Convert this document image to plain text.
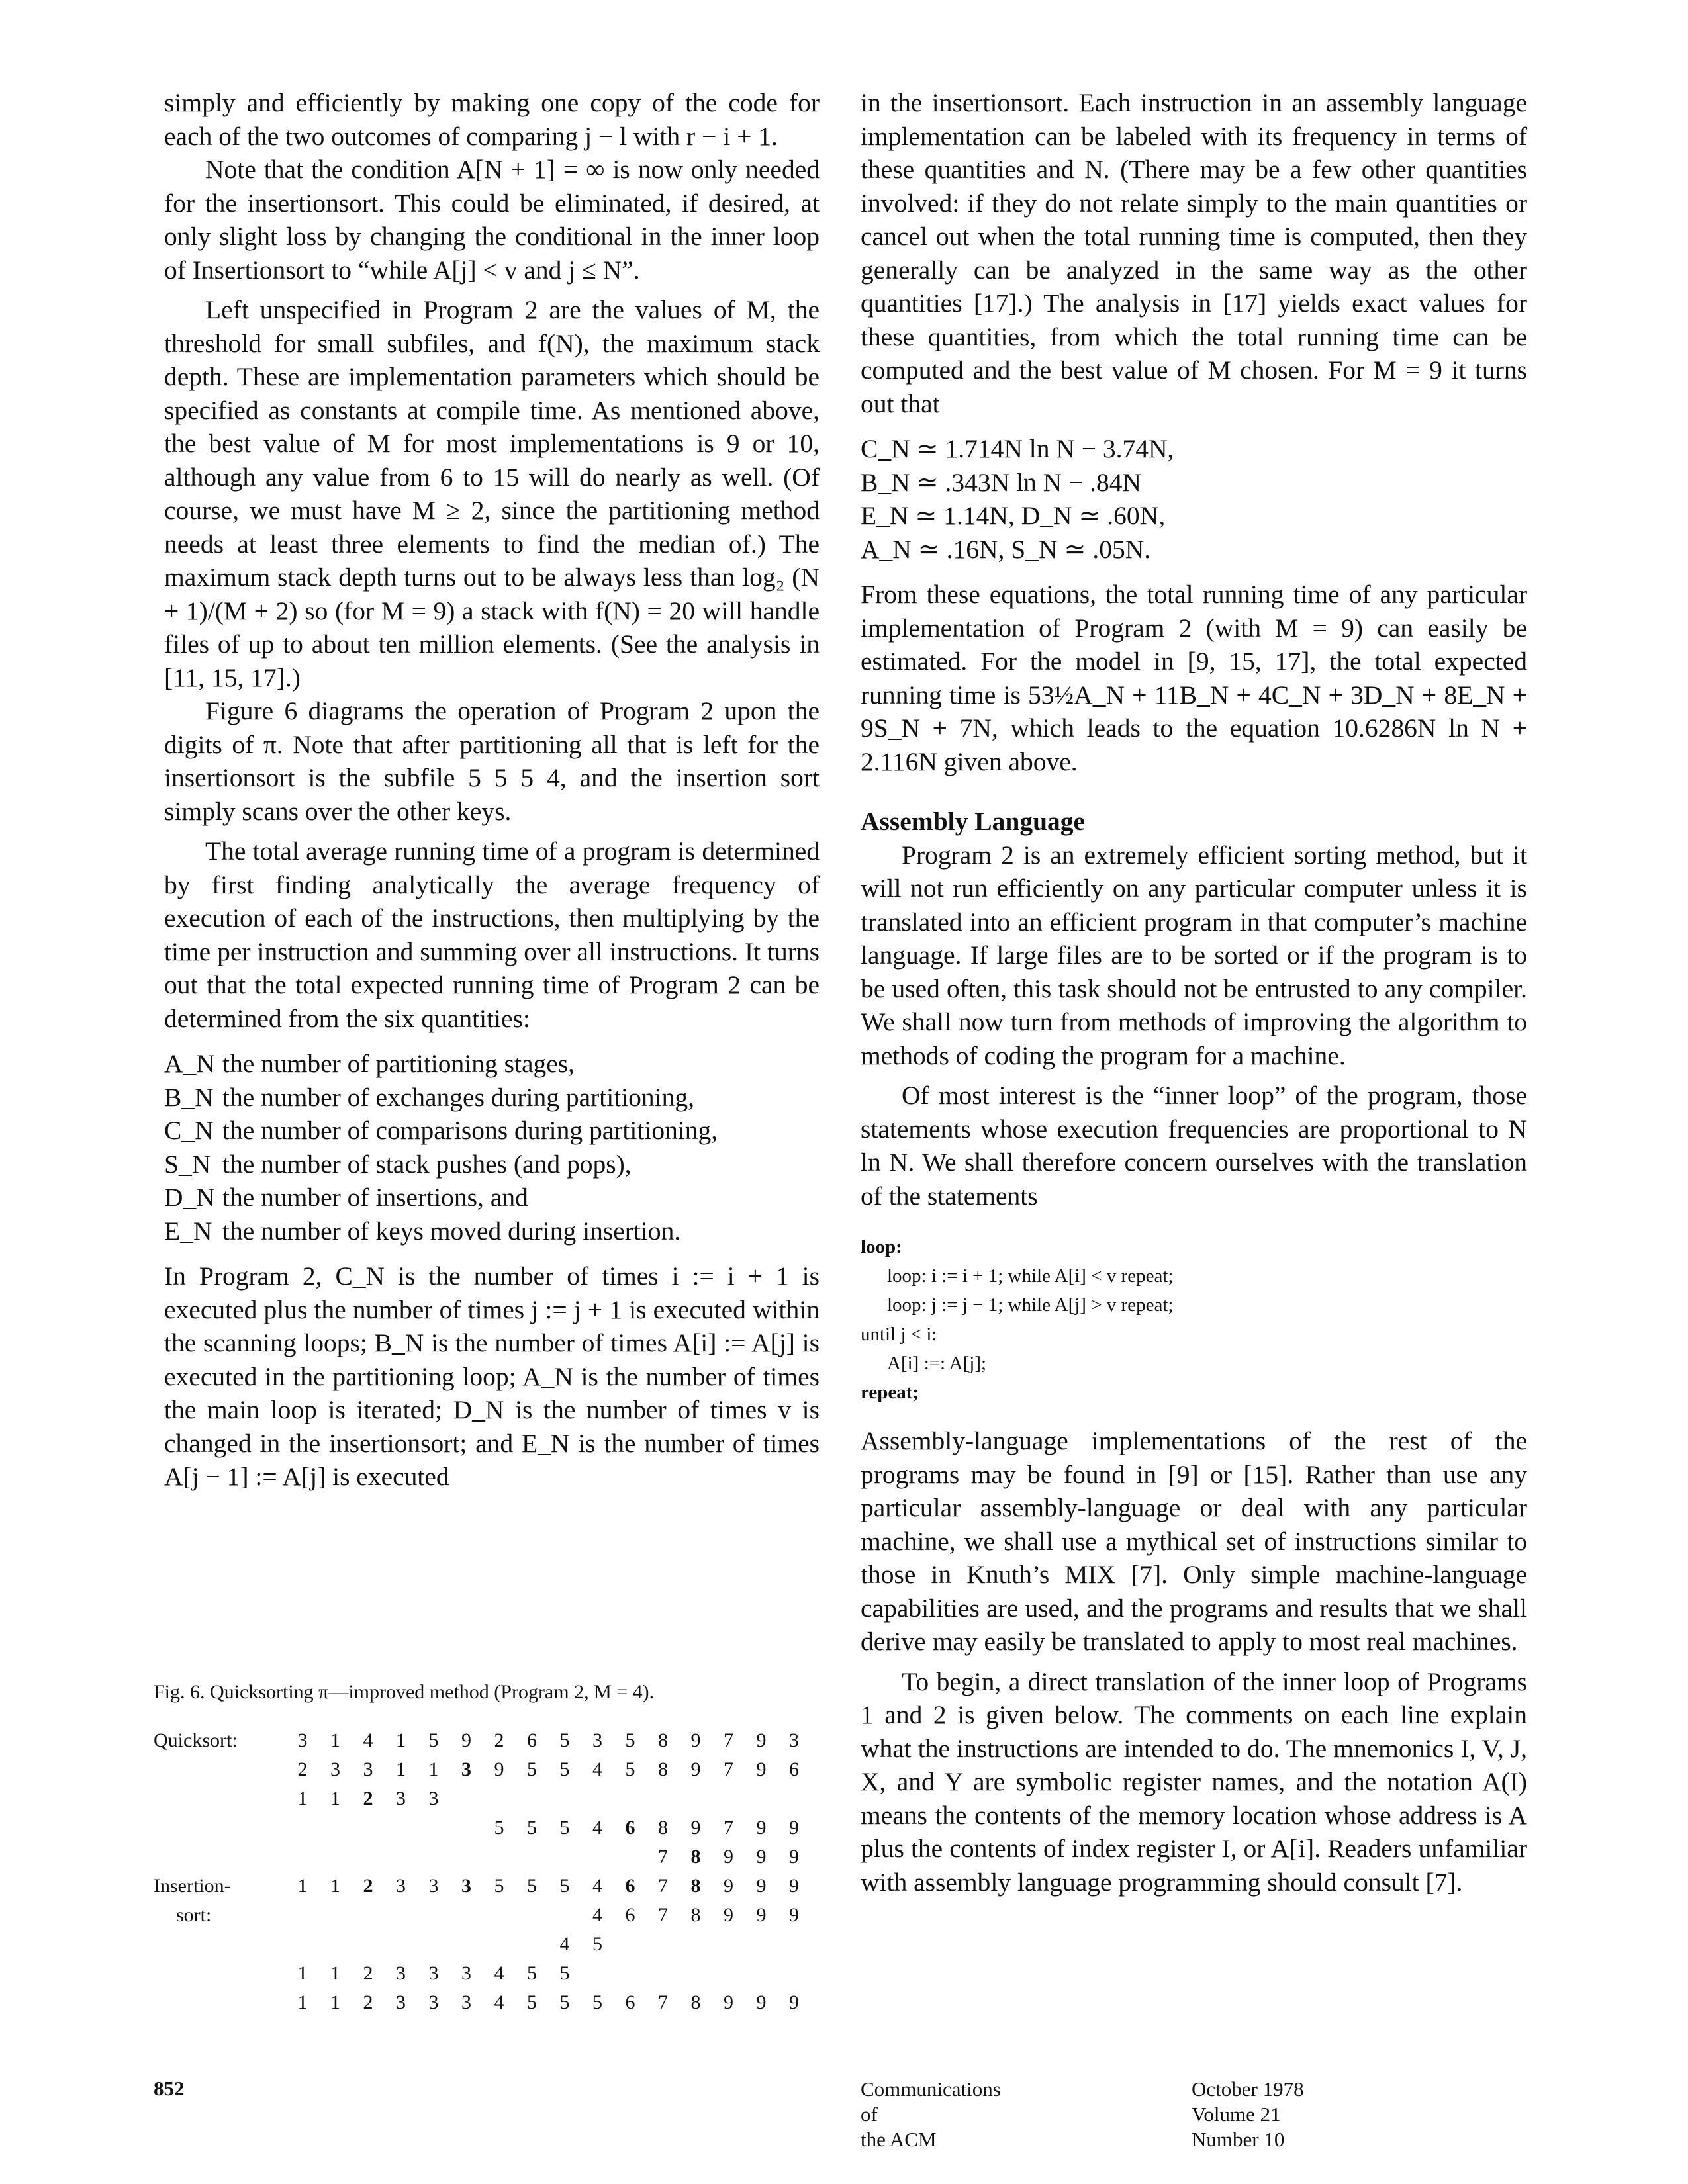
simply and efficiently by making one copy of the code for each of the two outcomes of comparing j − l with r − i + 1.

Note that the condition A[N + 1] = ∞ is now only needed for the insertionsort. This could be eliminated, if desired, at only slight loss by changing the conditional in the inner loop of Insertionsort to “while A[j] < v and j ≤ N”.

Left unspecified in Program 2 are the values of M, the threshold for small subfiles, and f(N), the maximum stack depth. These are implementation parameters which should be specified as constants at compile time. As mentioned above, the best value of M for most implementations is 9 or 10, although any value from 6 to 15 will do nearly as well. (Of course, we must have M ≥ 2, since the partitioning method needs at least three elements to find the median of.) The maximum stack depth turns out to be always less than log₂ (N + 1)/(M + 2) so (for M = 9) a stack with f(N) = 20 will handle files of up to about ten million elements. (See the analysis in [11, 15, 17].)

Figure 6 diagrams the operation of Program 2 upon the digits of π. Note that after partitioning all that is left for the insertionsort is the subfile 5 5 5 4, and the insertion sort simply scans over the other keys.

The total average running time of a program is determined by first finding analytically the average frequency of execution of each of the instructions, then multiplying by the time per instruction and summing over all instructions. It turns out that the total expected running time of Program 2 can be determined from the six quantities:

A_N the number of partitioning stages,
B_N the number of exchanges during partitioning,
C_N the number of comparisons during partitioning,
S_N the number of stack pushes (and pops),
D_N the number of insertions, and
E_N the number of keys moved during insertion.

In Program 2, C_N is the number of times i := i + 1 is executed plus the number of times j := j + 1 is executed within the scanning loops; B_N is the number of times A[i] := A[j] is executed in the partitioning loop; A_N is the number of times the main loop is iterated; D_N is the number of times v is changed in the insertionsort; and E_N is the number of times A[j − 1] := A[j] is executed

Fig. 6. Quicksorting π—improved method (Program 2, M = 4).
Quicksort:
Insertion-
sort:
3 1 4 1 5 9 2 6 5 3 5 8 9 7 9 3
2 3 3 1 1 3 9 5 5 4 5 8 9 7 9 6
1 1 2 3 3
5 5 5 4 6 8 9 7 9 9
7 8 9 9 9
1 1 2 3 3 3 5 5 5 4 6 7 8 9 9 9
4 6 7 8 9 9 9
4 5
1 1 2 3 3 3 4 5 5
1 1 2 3 3 3 4 5 5 5 6 7 8 9 9 9

in the insertionsort. Each instruction in an assembly language implementation can be labeled with its frequency in terms of these quantities and N. (There may be a few other quantities involved: if they do not relate simply to the main quantities or cancel out when the total running time is computed, then they generally can be analyzed in the same way as the other quantities [17].) The analysis in [17] yields exact values for these quantities, from which the total running time can be computed and the best value of M chosen. For M = 9 it turns out that

C_N ≃ 1.714N ln N − 3.74N,
B_N ≃ .343N ln N − .84N
E_N ≃ 1.14N, D_N ≃ .60N,
A_N ≃ .16N, S_N ≃ .05N.

From these equations, the total running time of any particular implementation of Program 2 (with M = 9) can easily be estimated. For the model in [9, 15, 17], the total expected running time is 53½A_N + 11B_N + 4C_N + 3D_N + 8E_N + 9S_N + 7N, which leads to the equation 10.6286N ln N + 2.116N given above.

Assembly Language

Program 2 is an extremely efficient sorting method, but it will not run efficiently on any particular computer unless it is translated into an efficient program in that computer’s machine language. If large files are to be sorted or if the program is to be used often, this task should not be entrusted to any compiler. We shall now turn from methods of improving the algorithm to methods of coding the program for a machine.

Of most interest is the “inner loop” of the program, those statements whose execution frequencies are proportional to N ln N. We shall therefore concern ourselves with the translation of the statements

loop:
loop: i := i + 1; while A[i] < v repeat;
loop: j := j − 1; while A[j] > v repeat;
until j < i:
A[i] :=: A[j];
repeat;

Assembly-language implementations of the rest of the programs may be found in [9] or [15]. Rather than use any particular assembly-language or deal with any particular machine, we shall use a mythical set of instructions similar to those in Knuth’s MIX [7]. Only simple machine-language capabilities are used, and the programs and results that we shall derive may easily be translated to apply to most real machines.

To begin, a direct translation of the inner loop of Programs 1 and 2 is given below. The comments on each line explain what the instructions are intended to do. The mnemonics I, V, J, X, and Y are symbolic register names, and the notation A(I) means the contents of the memory location whose address is A plus the contents of index register I, or A[i]. Readers unfamiliar with assembly language programming should consult [7].

852	Communications
of
the ACM
October 1978
Volume 21
Number 10
